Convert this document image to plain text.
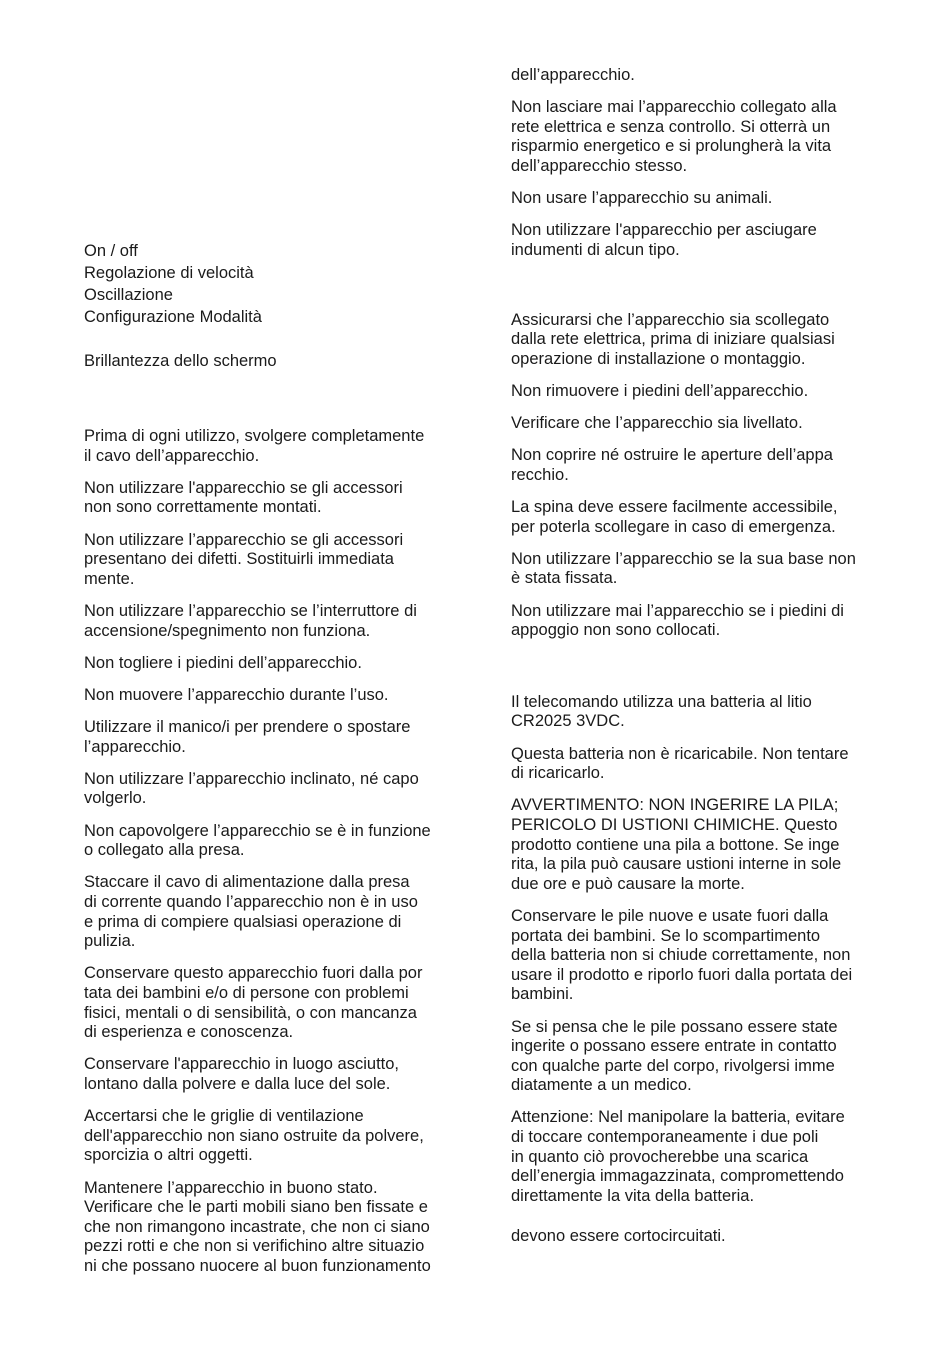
On / off
Regolazione di velocità
Oscillazione
Configurazione Modalità
Brillantezza dello schermo
Prima di ogni utilizzo, svolgere completamente
il cavo dell’apparecchio.
Non utilizzare l'apparecchio se gli accessori
non sono correttamente montati.
Non utilizzare l’apparecchio se gli accessori
presentano dei difetti. Sostituirli immediata
mente.
Non utilizzare l’apparecchio se l’interruttore di
accensione/spegnimento non funziona.
Non togliere i piedini dell’apparecchio.
Non muovere l’apparecchio durante l’uso.
Utilizzare il manico/i per prendere o spostare
l’apparecchio.
Non utilizzare l’apparecchio inclinato, né capo
volgerlo.
Non capovolgere l’apparecchio se è in funzione
o collegato alla presa.
Staccare il cavo di alimentazione dalla presa
di corrente quando l’apparecchio non è in uso
e prima di compiere qualsiasi operazione di
pulizia.
Conservare questo apparecchio fuori dalla por
tata dei bambini e/o di persone con problemi
fisici, mentali o di sensibilità, o con mancanza
di esperienza e conoscenza.
Conservare l'apparecchio in luogo asciutto,
lontano dalla polvere e dalla luce del sole.
Accertarsi che le griglie di ventilazione
dell'apparecchio non siano ostruite da polvere,
sporcizia o altri oggetti.
Mantenere l’apparecchio in buono stato.
Verificare che le parti mobili siano ben fissate e
che non rimangono incastrate, che non ci siano
pezzi rotti e che non si verifichino altre situazio
ni che possano nuocere al buon funzionamento
dell’apparecchio.
Non lasciare mai l’apparecchio collegato alla
rete elettrica e senza controllo. Si otterrà un
risparmio energetico e si prolungherà la vita
dell’apparecchio stesso.
Non usare l’apparecchio su animali.
Non utilizzare l'apparecchio per asciugare
indumenti di alcun tipo.
Assicurarsi che l’apparecchio sia scollegato
dalla rete elettrica, prima di iniziare qualsiasi
operazione di installazione o montaggio.
Non rimuovere i piedini dell’apparecchio.
Verificare che l’apparecchio sia livellato.
Non coprire né ostruire le aperture dell’appa
recchio.
La spina deve essere facilmente accessibile,
per poterla scollegare in caso di emergenza.
Non utilizzare l’apparecchio se la sua base non
è stata fissata.
Non utilizzare mai l’apparecchio se i piedini di
appoggio non sono collocati.
Il telecomando utilizza una batteria al litio
CR2025 3VDC.
Questa batteria non è ricaricabile. Non tentare
di ricaricarlo.
AVVERTIMENTO: NON INGERIRE LA PILA;
PERICOLO DI USTIONI CHIMICHE. Questo
prodotto contiene una pila a bottone. Se inge
rita, la pila può causare ustioni interne in sole
due ore e può causare la morte.
Conservare le pile nuove e usate fuori dalla
portata dei bambini. Se lo scompartimento
della batteria non si chiude correttamente, non
usare il prodotto e riporlo fuori dalla portata dei
bambini.
Se si pensa che le pile possano essere state
ingerite o possano essere entrate in contatto
con qualche parte del corpo, rivolgersi imme
diatamente a un medico.
Attenzione: Nel manipolare la batteria, evitare
di toccare contemporaneamente i due poli
in quanto ciò provocherebbe una scarica
dell’energia immagazzinata, compromettendo
direttamente la vita della batteria.
devono essere cortocircuitati.
